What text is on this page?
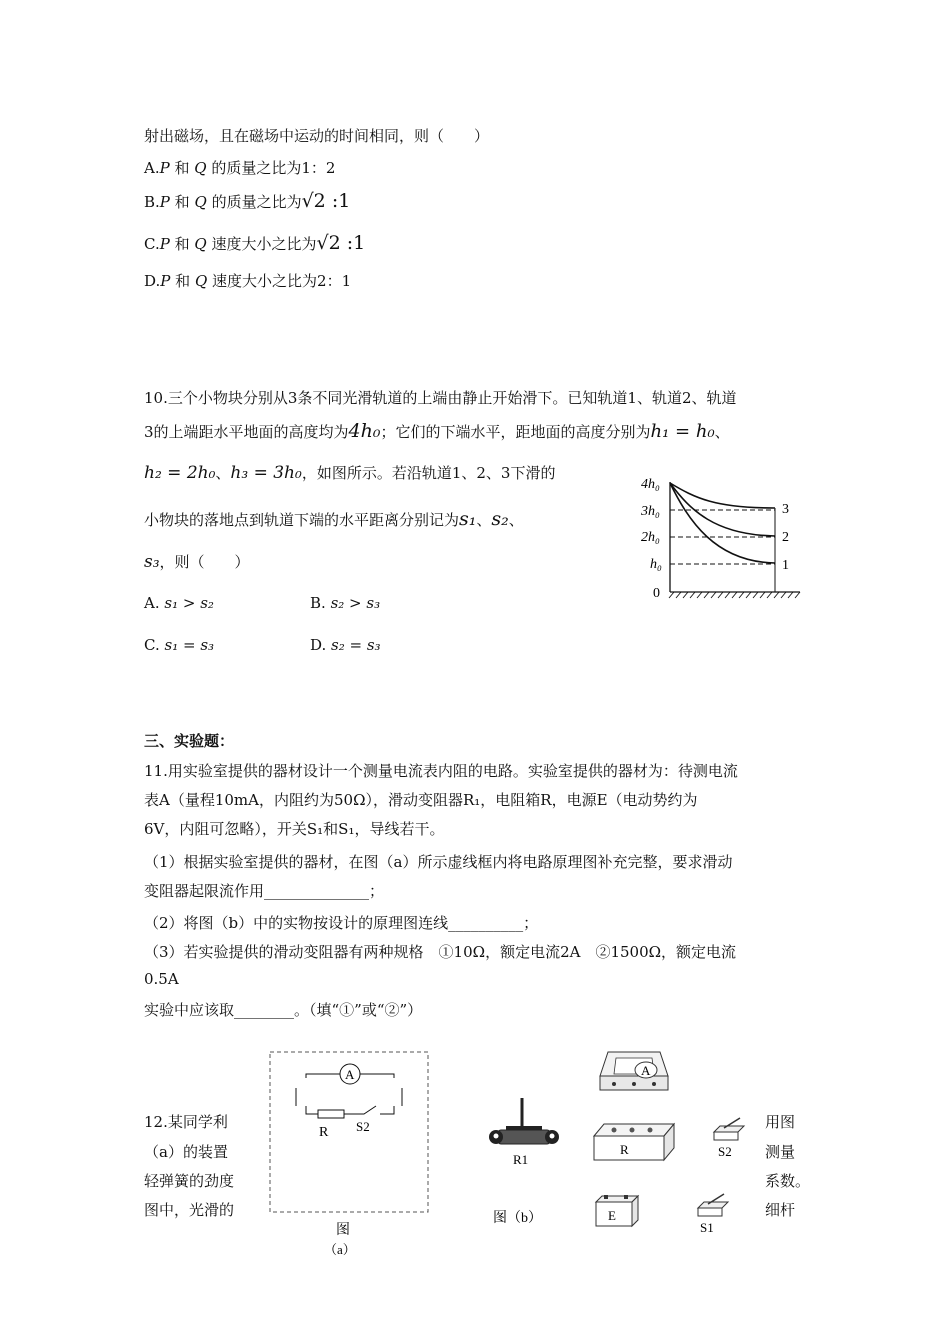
射出磁场，且在磁场中运动的时间相同，则（　　）
A.P 和 Q 的质量之比为1：2
B.P 和 Q 的质量之比为√2 :1
C.P 和 Q 速度大小之比为√2 :1
D.P 和 Q 速度大小之比为2：1
10.三个小物块分别从3条不同光滑轨道的上端由静止开始滑下。已知轨道1、轨道2、轨道
3的上端距水平地面的高度均为4h₀；它们的下端水平，距地面的高度分别为h₁ = h₀、
h₂ = 2h₀、h₃ = 3h₀，如图所示。若沿轨道1、2、3下滑的
小物块的落地点到轨道下端的水平距离分别记为s₁、s₂、
s₃，则（　　）
A. s₁ > s₂	B. s₂ > s₃
C. s₁ = s₃	D. s₂ = s₃
4h₀
3h₀
2h₀
h₀
0
3
2
1
三、实验题：
11.用实验室提供的器材设计一个测量电流表内阻的电路。实验室提供的器材为：待测电流
表A（量程10mA，内阻约为50Ω），滑动变阻器R₁，电阻箱R，电源E（电动势约为
6V，内阻可忽略），开关S₁和S₁，导线若干。
（1）根据实验室提供的器材，在图（a）所示虚线框内将电路原理图补充完整，要求滑动
变阻器起限流作用______________；
（2）将图（b）中的实物按设计的原理图连线__________；
（3）若实验提供的滑动变阻器有两种规格　①10Ω，额定电流2A　②1500Ω，额定电流
0.5A
实验中应该取________。（填“①”或“②”）
12.某同学利
（a）的装置
轻弹簧的劲度
图中，光滑的
用图
测量
系数。
细杆
A
R S2
图
（a）
A
R1
R	S2
E
S1
图（b）
